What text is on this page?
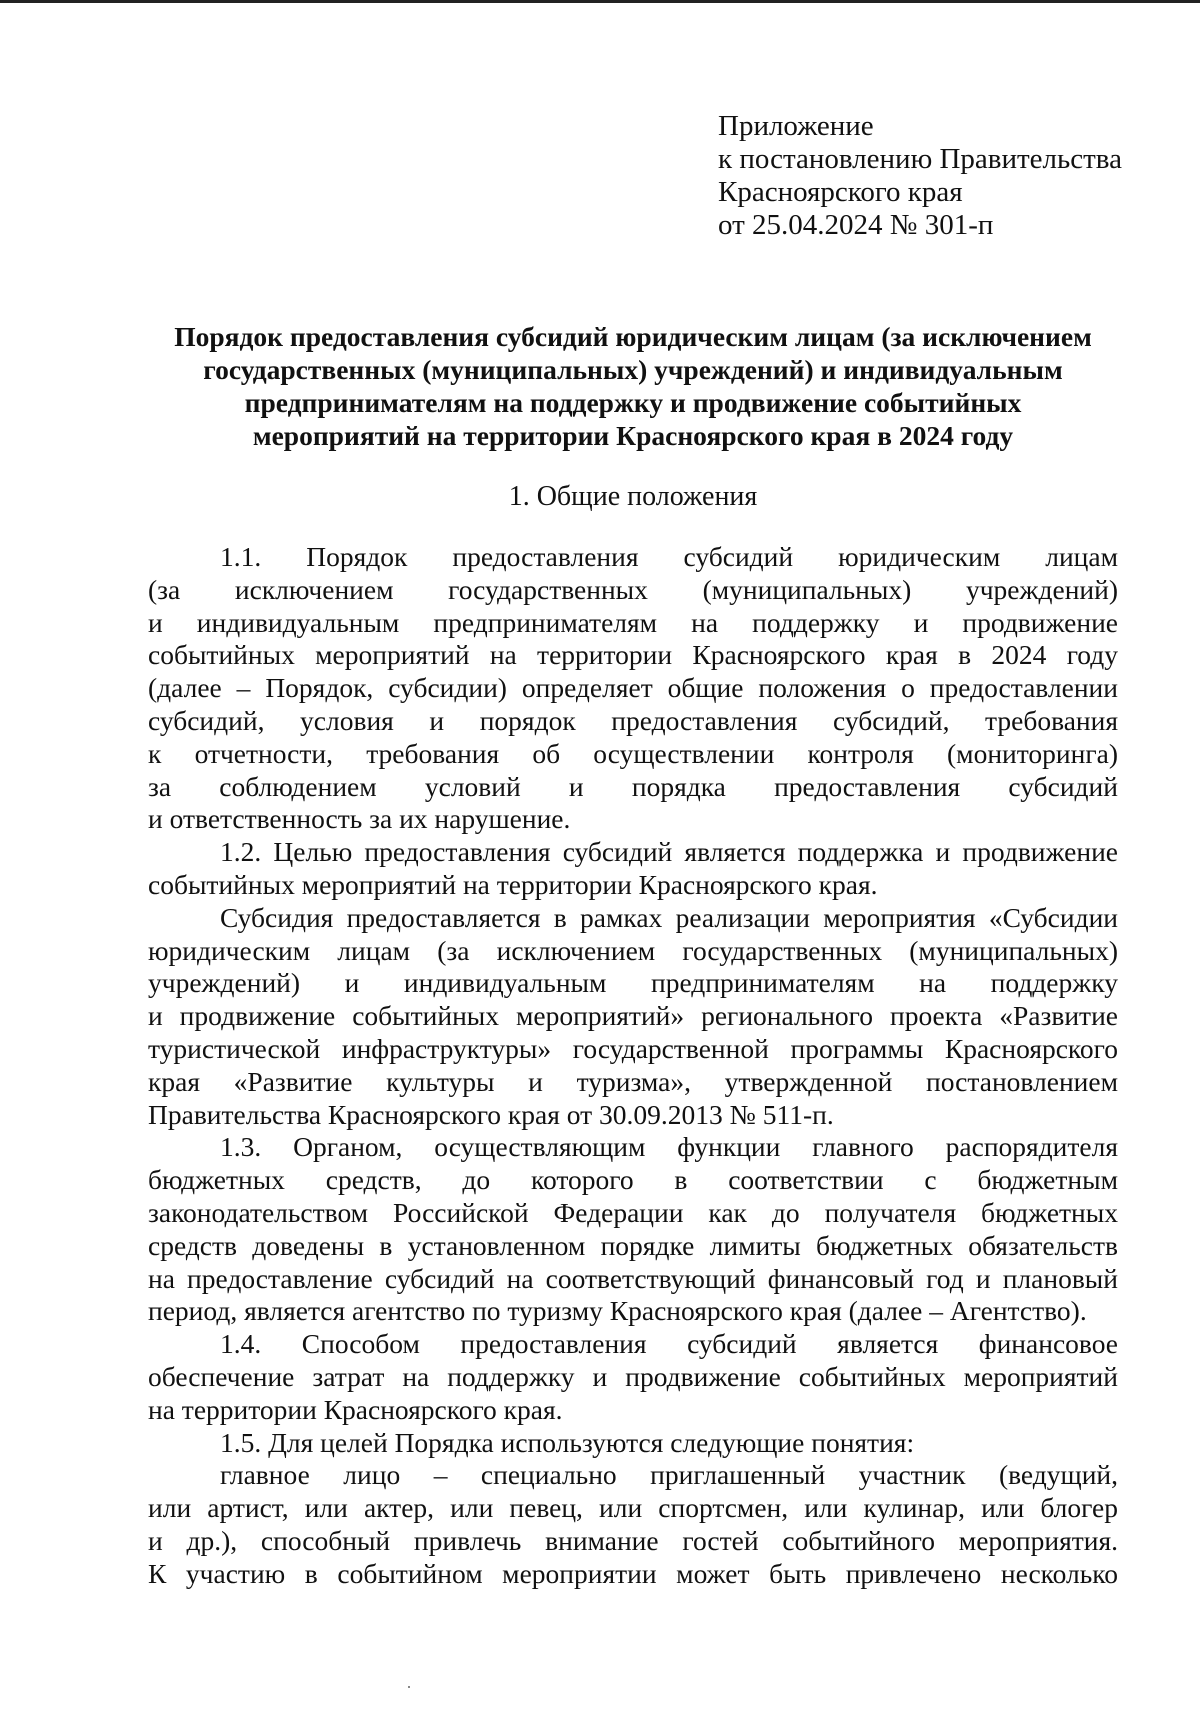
Приложение
к постановлению Правительства
Красноярского края
от 25.04.2024 № 301-п
Порядок предоставления субсидий юридическим лицам (за исключением
государственных (муниципальных) учреждений) и индивидуальным
предпринимателям на поддержку и продвижение событийных
мероприятий на территории Красноярского края в 2024 году
1. Общие положения
1.1. Порядок предоставления субсидий юридическим лицам
(за исключением государственных (муниципальных) учреждений)
и индивидуальным предпринимателям на поддержку и продвижение
событийных мероприятий на территории Красноярского края в 2024 году
(далее – Порядок, субсидии) определяет общие положения о предоставлении
субсидий, условия и порядок предоставления субсидий, требования
к отчетности, требования об осуществлении контроля (мониторинга)
за соблюдением условий и порядка предоставления субсидий
и ответственность за их нарушение.
1.2. Целью предоставления субсидий является поддержка и продвижение
событийных мероприятий на территории Красноярского края.
Субсидия предоставляется в рамках реализации мероприятия «Субсидии
юридическим лицам (за исключением государственных (муниципальных)
учреждений) и индивидуальным предпринимателям на поддержку
и продвижение событийных мероприятий» регионального проекта «Развитие
туристической инфраструктуры» государственной программы Красноярского
края «Развитие культуры и туризма», утвержденной постановлением
Правительства Красноярского края от 30.09.2013 № 511-п.
1.3. Органом, осуществляющим функции главного распорядителя
бюджетных средств, до которого в соответствии с бюджетным
законодательством Российской Федерации как до получателя бюджетных
средств доведены в установленном порядке лимиты бюджетных обязательств
на предоставление субсидий на соответствующий финансовый год и плановый
период, является агентство по туризму Красноярского края (далее – Агентство).
1.4. Способом предоставления субсидий является финансовое
обеспечение затрат на поддержку и продвижение событийных мероприятий
на территории Красноярского края.
1.5. Для целей Порядка используются следующие понятия:
главное лицо – специально приглашенный участник (ведущий,
или артист, или актер, или певец, или спортсмен, или кулинар, или блогер
и др.), способный привлечь внимание гостей событийного мероприятия.
К участию в событийном мероприятии может быть привлечено несколько
